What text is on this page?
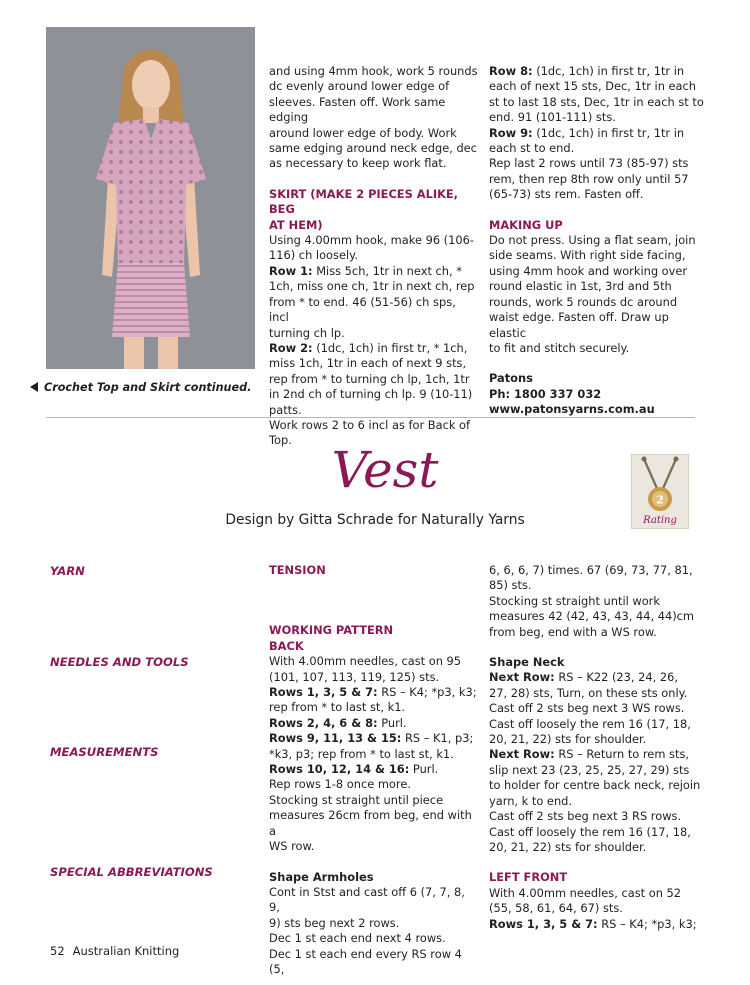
Crochet Top and Skirt continued.

and using 4mm hook, work 5 rounds

dc evenly around lower edge of

sleeves. Fasten off. Work same edging

around lower edge of body. Work

same edging around neck edge, dec

as necessary to keep work flat.

SKIRT (MAKE 2 PIECES ALIKE, BEG

AT HEM)

Using 4.00mm hook, make 96 (106-

116) ch loosely.

Row 1: Miss 5ch, 1tr in next ch, *

1ch, miss one ch, 1tr in next ch, rep

from * to end. 46 (51-56) ch sps, incl

turning ch lp.

Row 2: (1dc, 1ch) in first tr, * 1ch,

miss 1ch, 1tr in each of next 9 sts,

rep from * to turning ch lp, 1ch, 1tr

in 2nd ch of turning ch lp. 9 (10-11)

patts.

Work rows 2 to 6 incl as for Back of

Top.

Row 8: (1dc, 1ch) in first tr, 1tr in

each of next 15 sts, Dec, 1tr in each

st to last 18 sts, Dec, 1tr in each st to

end. 91 (101-111) sts.

Row 9: (1dc, 1ch) in first tr, 1tr in

each st to end.

Rep last 2 rows until 73 (85-97) sts

rem, then rep 8th row only until 57

(65-73) sts rem. Fasten off.

MAKING UP

Do not press. Using a flat seam, join

side seams. With right side facing,

using 4mm hook and working over

round elastic in 1st, 3rd and 5th

rounds, work 5 rounds dc around

waist edge. Fasten off. Draw up elastic

to fit and stitch securely.

Patons

Ph: 1800 337 032

www.patonsyarns.com.au

Vest
2
Rating
Design by Gitta Schrade for Naturally Yarns
YARN
NEEDLES AND TOOLS
MEASUREMENTS
SPECIAL ABBREVIATIONS

TENSION

WORKING PATTERN

BACK

With 4.00mm needles, cast on 95

(101, 107, 113, 119, 125) sts.

Rows 1, 3, 5 & 7: RS – K4; *p3, k3;

rep from * to last st, k1.

Rows 2, 4, 6 & 8: Purl.

Rows 9, 11, 13 & 15: RS – K1, p3;

*k3, p3; rep from * to last st, k1.

Rows 10, 12, 14 & 16: Purl.

Rep rows 1-8 once more.

Stocking st straight until piece

measures 26cm from beg, end with a

WS row.

Shape Armholes

Cont in Stst and cast off 6 (7, 7, 8, 9,

9) sts beg next 2 rows.

Dec 1 st each end next 4 rows.

Dec 1 st each end every RS row 4 (5,

6, 6, 6, 7) times. 67 (69, 73, 77, 81,

85) sts.

Stocking st straight until work

measures 42 (42, 43, 43, 44, 44)cm

from beg, end with a WS row.

Shape Neck

Next Row: RS – K22 (23, 24, 26,

27, 28) sts, Turn, on these sts only.

Cast off 2 sts beg next 3 WS rows.

Cast off loosely the rem 16 (17, 18,

20, 21, 22) sts for shoulder.

Next Row: RS – Return to rem sts,

slip next 23 (23, 25, 25, 27, 29) sts

to holder for centre back neck, rejoin

yarn, k to end.

Cast off 2 sts beg next 3 RS rows.

Cast off loosely the rem 16 (17, 18,

20, 21, 22) sts for shoulder.

LEFT FRONT

With 4.00mm needles, cast on 52

(55, 58, 61, 64, 67) sts.

Rows 1, 3, 5 & 7: RS – K4; *p3, k3;

52 Australian Knitting
